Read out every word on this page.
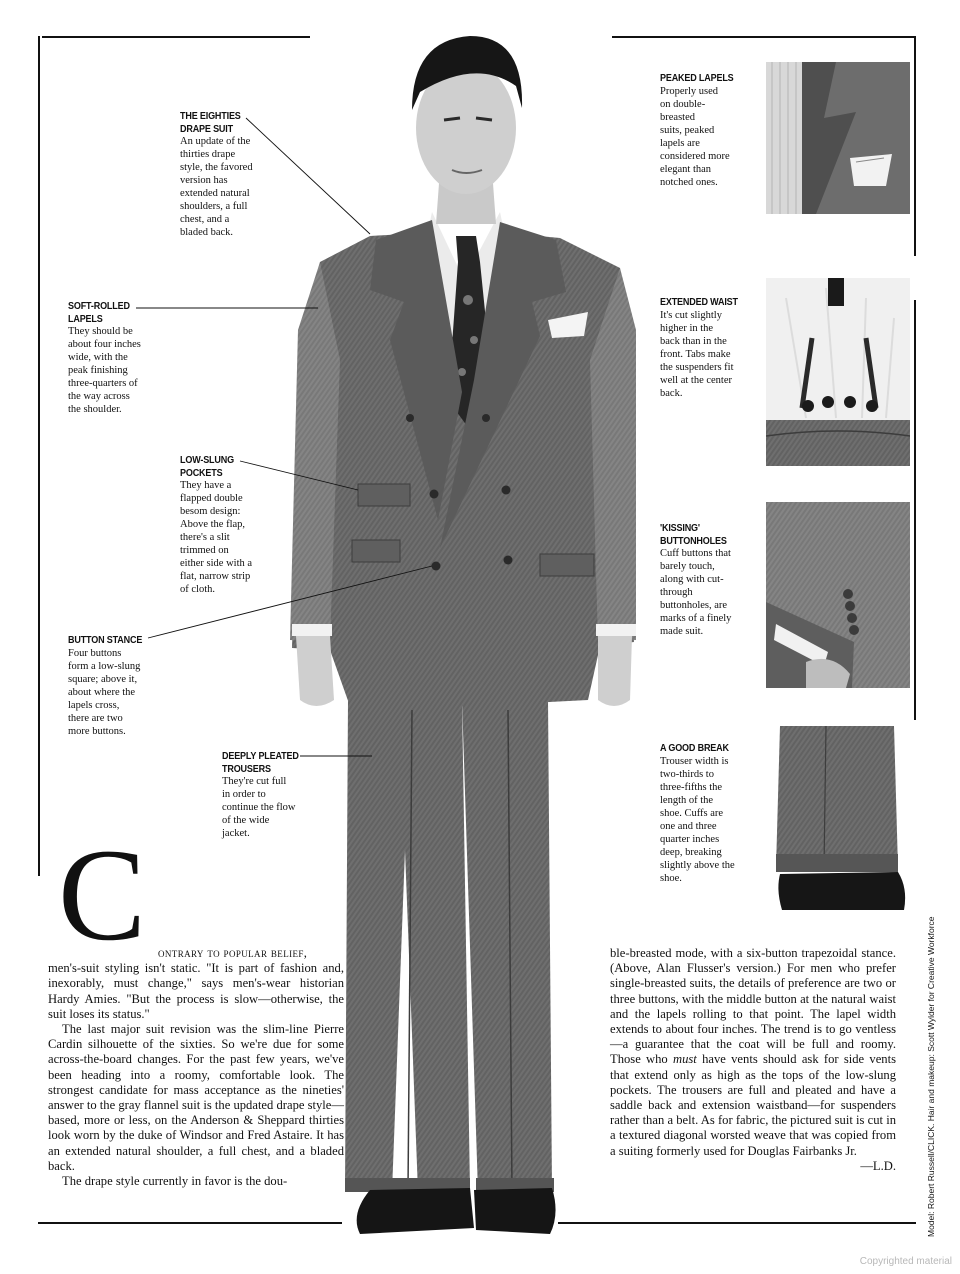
THE EIGHTIES
DRAPE SUIT
An update of the
thirties drape
style, the favored
version has
extended natural
shoulders, a full
chest, and a
bladed back.
SOFT-ROLLED
LAPELS
They should be
about four inches
wide, with the
peak finishing
three-quarters of
the way across
the shoulder.
LOW-SLUNG
POCKETS
They have a
flapped double
besom design:
Above the flap,
there's a slit
trimmed on
either side with a
flat, narrow strip
of cloth.
BUTTON STANCE
Four buttons
form a low-slung
square; above it,
about where the
lapels cross,
there are two
more buttons.
DEEPLY PLEATED
TROUSERS
They're cut full
in order to
continue the flow
of the wide
jacket.
PEAKED LAPELS
Properly used
on double-
breasted
suits, peaked
lapels are
considered more
elegant than
notched ones.
EXTENDED WAIST
It's cut slightly
higher in the
back than in the
front. Tabs make
the suspenders fit
well at the center
back.
'KISSING'
BUTTONHOLES
Cuff buttons that
barely touch,
along with cut-
through
buttonholes, are
marks of a finely
made suit.
A GOOD BREAK
Trouser width is
two-thirds to
three-fifths the
length of the
shoe. Cuffs are
one and three
quarter inches
deep, breaking
slightly above the
shoe.
C ontrary to popular belief,

men's-suit styling isn't static. "It is part of fashion and, inexorably, must change," says men's-wear historian Hardy Amies. "But the process is slow—otherwise, the suit loses its status."

The last major suit revision was the slim-line Pierre Cardin silhouette of the sixties. So we're due for some across-the-board changes. For the past few years, we've been heading into a roomy, comfortable look. The strongest candidate for mass acceptance as the nineties' answer to the gray flannel suit is the updated drape style—based, more or less, on the Anderson & Sheppard thirties look worn by the duke of Windsor and Fred Astaire. It has an extended natural shoulder, a full chest, and a bladed back.

The drape style currently in favor is the dou-

ble-breasted mode, with a six-button trapezoidal stance. (Above, Alan Flusser's version.) For men who prefer single-breasted suits, the details of preference are two or three buttons, with the middle button at the natural waist and the lapels rolling to that point. The lapel width extends to about four inches. The trend is to go ventless—a guarantee that the coat will be full and roomy. Those who must have vents should ask for side vents that extend only as high as the tops of the low-slung pockets. The trousers are full and pleated and have a saddle back and extension waistband—for suspenders rather than a belt. As for fabric, the pictured suit is cut in a textured diagonal worsted weave that was copied from a suiting formerly used for Douglas Fairbanks Jr.
—L.D.	Model: Robert Russell/CLICK. Hair and makeup: Scott Wylder for Creative Workforce
Copyrighted material
